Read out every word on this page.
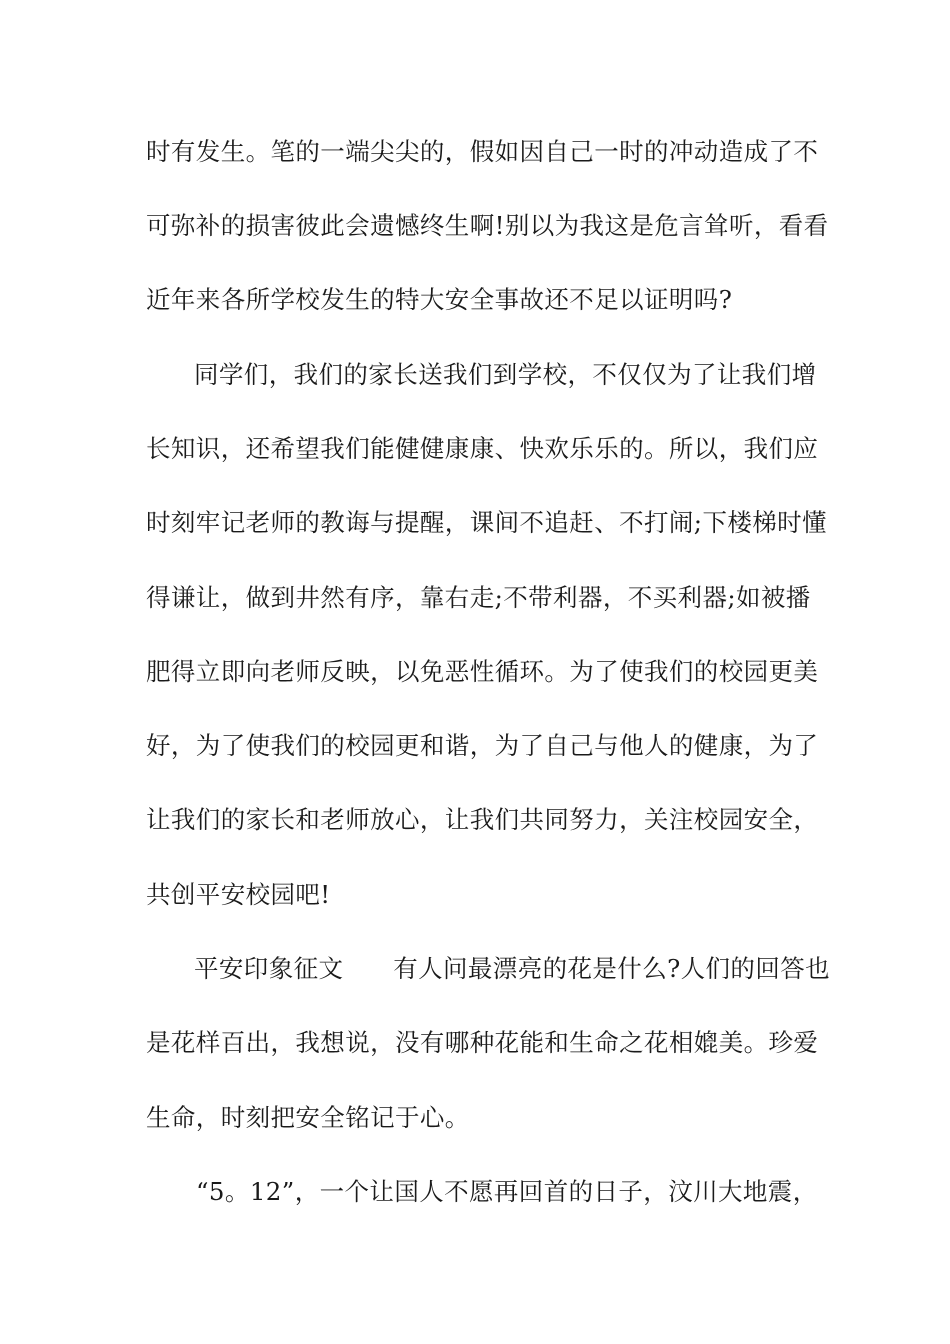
时有发生。笔的一端尖尖的，假如因自己一时的冲动造成了不
可弥补的损害彼此会遗憾终生啊!别以为我这是危言耸听，看看
近年来各所学校发生的特大安全事故还不足以证明吗?
同学们，我们的家长送我们到学校，不仅仅为了让我们增
长知识，还希望我们能健健康康、快欢乐乐的。所以，我们应
时刻牢记老师的教诲与提醒，课间不追赶、不打闹;下楼梯时懂
得谦让，做到井然有序，靠右走;不带利器，不买利器;如被播
肥得立即向老师反映，以免恶性循环。为了使我们的校园更美
好，为了使我们的校园更和谐，为了自己与他人的健康，为了
让我们的家长和老师放心，让我们共同努力，关注校园安全，
共创平安校园吧!
平安印象征文　　有人问最漂亮的花是什么?人们的回答也
是花样百出，我想说，没有哪种花能和生命之花相媲美。珍爱
生命，时刻把安全铭记于心。
“5。12”，一个让国人不愿再回首的日子，汶川大地震，
